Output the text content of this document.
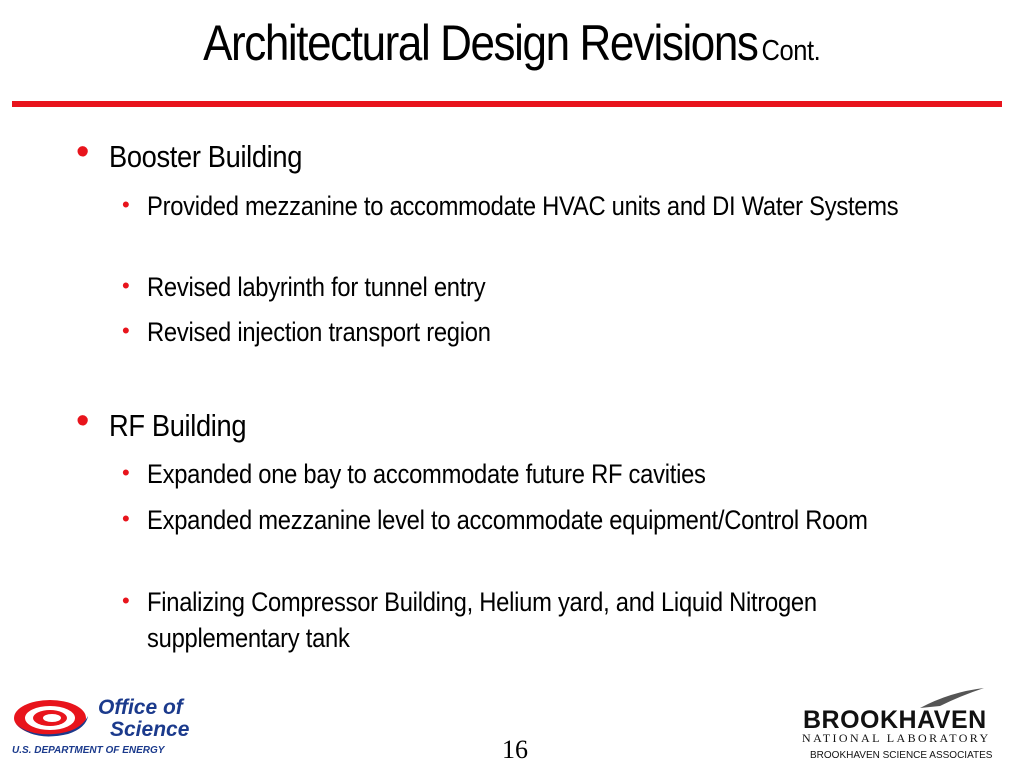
Architectural Design Revisions Cont.
• Booster Building
• Provided mezzanine to accommodate HVAC units and DI Water Systems
• Revised labyrinth for tunnel entry
• Revised injection transport region
• RF Building
• Expanded one bay to accommodate future RF cavities
• Expanded mezzanine level to accommodate equipment/Control Room
• Finalizing Compressor Building, Helium yard, and Liquid Nitrogen supplementary tank
Office of
Science
U.S. DEPARTMENT OF ENERGY	16
BROOKHAVEN
NATIONAL LABORATORY
BROOKHAVEN SCIENCE ASSOCIATES
